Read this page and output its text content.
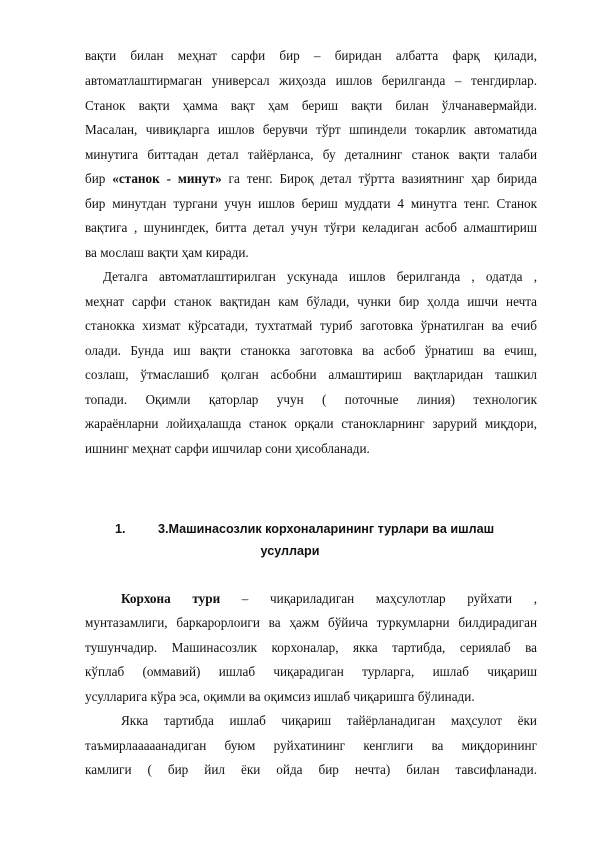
вақти билан меҳнат сарфи бир – биридан албатта фарқ қилади,
автоматлаштирмаган универсал жиҳозда ишлов берилганда – тенгдирлар.
Станок вақти ҳамма вақт ҳам бериш вақти билан ўлчанавермайди.
Масалан, чивиқларга ишлов берувчи тўрт шпиндели токарлик автоматида
минутига биттадан детал тайёрланса, бу деталнинг станок вақти талаби
бир «станок - минут» га тенг. Бироқ детал тўртта вазиятнинг ҳар бирида
бир минутдан тургани учун ишлов бериш муддати 4 минутга тенг. Станок
вақтига , шунингдек, битта детал учун тўғри келадиган асбоб алмаштириш
ва мослаш вақти ҳам киради.
Деталга автоматлаштирилган ускунада ишлов берилганда , одатда ,
меҳнат сарфи станок вақтидан кам бўлади, чунки бир ҳолда ишчи нечта
станокка хизмат кўрсатади, тухтатмай туриб заготовка ўрнатилган ва ечиб
олади. Бунда иш вақти станокка заготовка ва асбоб ўрнатиш ва ечиш,
созлаш, ўтмаслашиб қолган асбобни алмаштириш вақтларидан ташкил
топади. Оқимли қаторлар учун ( поточные линия) технологик
жараёнларни лойиҳалашда станок орқали станокларнинг зарурий миқдори,
ишнинг меҳнат сарфи ишчилар сони ҳисобланади.
1.	3.Машинасозлик корхоналарининг турлари ва ишлаш
усуллари
Корхона тури – чиқариладиган маҳсулотлар руйхати ,
мунтазамлиги, баркарорлоиги ва ҳажм бўйича туркумларни билдирадиган
тушунчадир. Машинасозлик корхоналар, якка тартибда, сериялаб ва
кўплаб (оммавий) ишлаб чиқарадиган турларга, ишлаб чиқариш
усулларига кўра эса, оқимли ва оқимсиз ишлаб чиқаришга бўлинади.
Якка тартибда ишлаб чиқариш тайёрланадиган маҳсулот ёки
таъмирлааааанадиган буюм руйхатининг кенглиги ва миқдорининг
камлиги ( бир йил ёки ойда бир нечта) билан тавсифланади.
